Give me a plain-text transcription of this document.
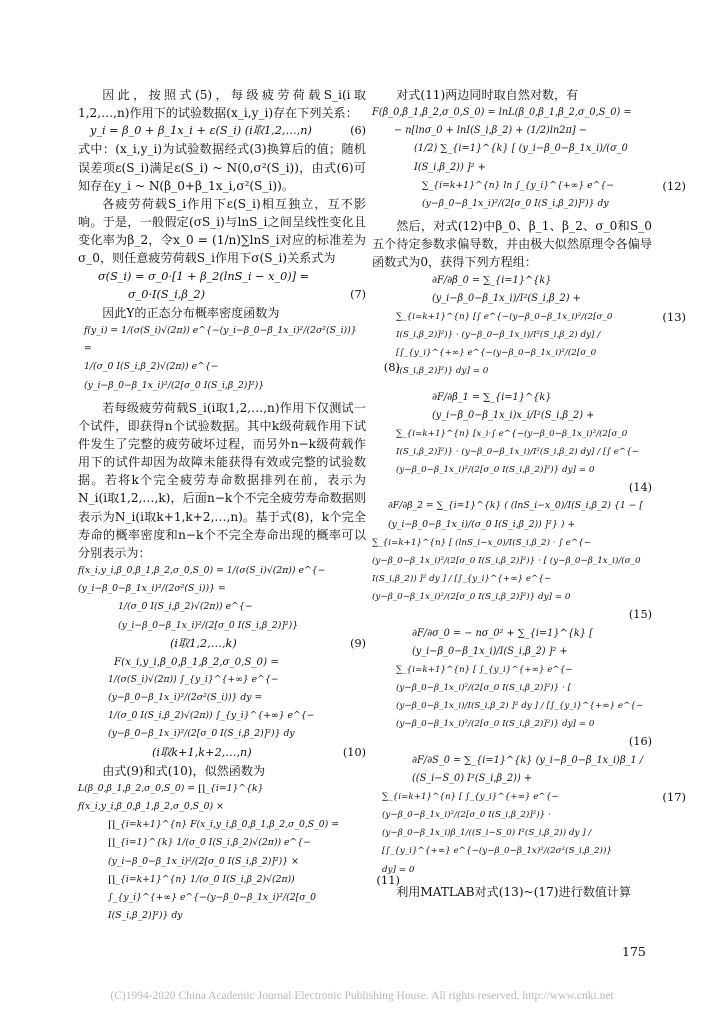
因此，按照式(5)，每级疲劳荷载S_i(i取1,2,…,n)作用下的试验数据(x_i,y_i)存在下列关系：

y_i = β_0 + β_1x_i + ε(S_i) (i取1,2,…,n)	(6)

式中：(x_i,y_i)为试验数据经式(3)换算后的值；随机误差项ε(S_i)满足ε(S_i) ~ N(0,σ²(S_i))，由式(6)可知存在y_i ~ N(β_0+β_1x_i,σ²(S_i))。

各疲劳荷载S_i作用下ε(S_i)相互独立，互不影响。于是，一般假定(σS_i)与lnS_i之间呈线性变化且变化率为β_2，令x_0 = (1/n)∑lnS_i对应的标准差为σ_0，则任意疲劳荷载S_i作用下σ(S_i)关系式为

σ(S_i) = σ_0·[1 + β_2(lnS_i − x_0)] =
σ_0·I(S_i,β_2)	(7)

因此Y的正态分布概率密度函数为

f(y_i) = 1/(σ(S_i)√(2π)) e^{−(y_i−β_0−β_1x_i)²/(2σ²(S_i))} =
1/(σ_0 I(S_i,β_2)√(2π)) e^{−(y_i−β_0−β_1x_i)²/(2[σ_0 I(S_i,β_2)]²)}
(8)

若每级疲劳荷载S_i(i取1,2,…,n)作用下仅测试一个试件，即获得n个试验数据。其中k级荷载作用下试件发生了完整的疲劳破坏过程，而另外n−k级荷载作用下的试件却因为故障未能获得有效或完整的试验数据。若将k个完全疲劳寿命数据排列在前，表示为N_i(i取1,2,…,k)，后面n−k个不完全疲劳寿命数据则表示为N_i(i取k+1,k+2,…,n)。基于式(8)，k个完全寿命的概率密度和n−k个不完全寿命出现的概率可以分别表示为：

f(x_i,y_i,β_0,β_1,β_2,σ_0,S_0) = 1/(σ(S_i)√(2π)) e^{−(y_i−β_0−β_1x_i)²/(2σ²(S_i))} =
1/(σ_0 I(S_i,β_2)√(2π)) e^{−(y_i−β_0−β_1x_i)²/(2[σ_0 I(S_i,β_2)]²)}
(i取1,2,…,k)	(9)
F(x_i,y_i,β_0,β_1,β_2,σ_0,S_0) =
1/(σ(S_i)√(2π)) ∫_{y_i}^{+∞} e^{−(y−β_0−β_1x_i)²/(2σ²(S_i))} dy =
1/(σ_0 I(S_i,β_2)√(2π)) ∫_{y_i}^{+∞} e^{−(y−β_0−β_1x_i)²/(2[σ_0 I(S_i,β_2)]²)} dy
(i取k+1,k+2,…,n)	(10)

由式(9)和式(10)，似然函数为

L(β_0,β_1,β_2,σ_0,S_0) = ∏_{i=1}^{k} f(x_i,y_i,β_0,β_1,β_2,σ_0,S_0) ×
∏_{i=k+1}^{n} F(x_i,y_i,β_0,β_1,β_2,σ_0,S_0) =
∏_{i=1}^{k} 1/(σ_0 I(S_i,β_2)√(2π)) e^{−(y_i−β_0−β_1x_i)²/(2[σ_0 I(S_i,β_2)]²)} ×
∏_{i=k+1}^{n} 1/(σ_0 I(S_i,β_2)√(2π)) ∫_{y_i}^{+∞} e^{−(y−β_0−β_1x_i)²/(2[σ_0 I(S_i,β_2)]²)} dy
(11)

对式(11)两边同时取自然对数，有

F(β_0,β_1,β_2,σ_0,S_0) = lnL(β_0,β_1,β_2,σ_0,S_0) =
− n[lnσ_0 + lnI(S_i,β_2) + (1/2)ln2π] −
(1/2) ∑_{i=1}^{k} [ (y_i−β_0−β_1x_i)/(σ_0 I(S_i,β_2)) ]² +
∑_{i=k+1}^{n} ln ∫_{y_i}^{+∞} e^{−(y−β_0−β_1x_i)²/(2[σ_0 I(S_i,β_2)]²)} dy
(12)

然后，对式(12)中β_0、β_1、β_2、σ_0和S_0五个待定参数求偏导数，并由极大似然原理令各偏导函数式为0，获得下列方程组：

∂F/∂β_0 = ∑_{i=1}^{k} (y_i−β_0−β_1x_i)/I²(S_i,β_2) +
∑_{i=k+1}^{n} [∫ e^{−(y−β_0−β_1x_i)²/(2[σ_0 I(S_i,β_2)]²)} · (y−β_0−β_1x_i)/I²(S_i,β_2) dy] / [∫_{y_i}^{+∞} e^{−(y−β_0−β_1x_i)²/(2[σ_0 I(S_i,β_2)]²)} dy] = 0
(13)
∂F/∂β_1 = ∑_{i=1}^{k} (y_i−β_0−β_1x_i)x_i/I²(S_i,β_2) +
∑_{i=k+1}^{n} [x_i·∫ e^{−(y−β_0−β_1x_i)²/(2[σ_0 I(S_i,β_2)]²)} · (y−β_0−β_1x_i)/I²(S_i,β_2) dy] / [∫ e^{−(y−β_0−β_1x_i)²/(2[σ_0 I(S_i,β_2)]²)} dy] = 0
(14)
∂F/∂β_2 = ∑_{i=1}^{k} ( (lnS_i−x_0)/I(S_i,β_2) {1 − [ (y_i−β_0−β_1x_i)/(σ_0 I(S_i,β_2)) ]²} ) +
∑_{i=k+1}^{n} [ (lnS_i−x_0)/I(S_i,β_2) · ∫ e^{−(y−β_0−β_1x_i)²/(2[σ_0 I(S_i,β_2)]²)} · [ (y−β_0−β_1x_i)/(σ_0 I(S_i,β_2)) ]² dy ] / [∫_{y_i}^{+∞} e^{−(y−β_0−β_1x_i)²/(2[σ_0 I(S_i,β_2)]²)} dy] = 0
(15)
∂F/∂σ_0 = − nσ_0² + ∑_{i=1}^{k} [ (y_i−β_0−β_1x_i)/I(S_i,β_2) ]² +
∑_{i=k+1}^{n} [ ∫_{y_i}^{+∞} e^{−(y−β_0−β_1x_i)²/(2[σ_0 I(S_i,β_2)]²)} · [ (y−β_0−β_1x_i)/I(S_i,β_2) ]² dy ] / [∫_{y_i}^{+∞} e^{−(y−β_0−β_1x_i)²/(2[σ_0 I(S_i,β_2)]²)} dy] = 0
(16)
∂F/∂S_0 = ∑_{i=1}^{k} (y_i−β_0−β_1x_i)β_1 / ((S_i−S_0) I²(S_i,β_2)) +
∑_{i=k+1}^{n} [ ∫_{y_i}^{+∞} e^{−(y−β_0−β_1x_i)²/(2[σ_0 I(S_i,β_2)]²)} · (y−β_0−β_1x_i)β_1/((S_i−S_0) I²(S_i,β_2)) dy ] / [∫_{y_i}^{+∞} e^{−(y−β_0−β_1x)²/(2σ²(S_i,β_2))} dy] = 0
(17)

利用MATLAB对式(13)~(17)进行数值计算

175
(C)1994-2020 China Academic Journal Electronic Publishing House. All rights reserved. http://www.cnki.net
